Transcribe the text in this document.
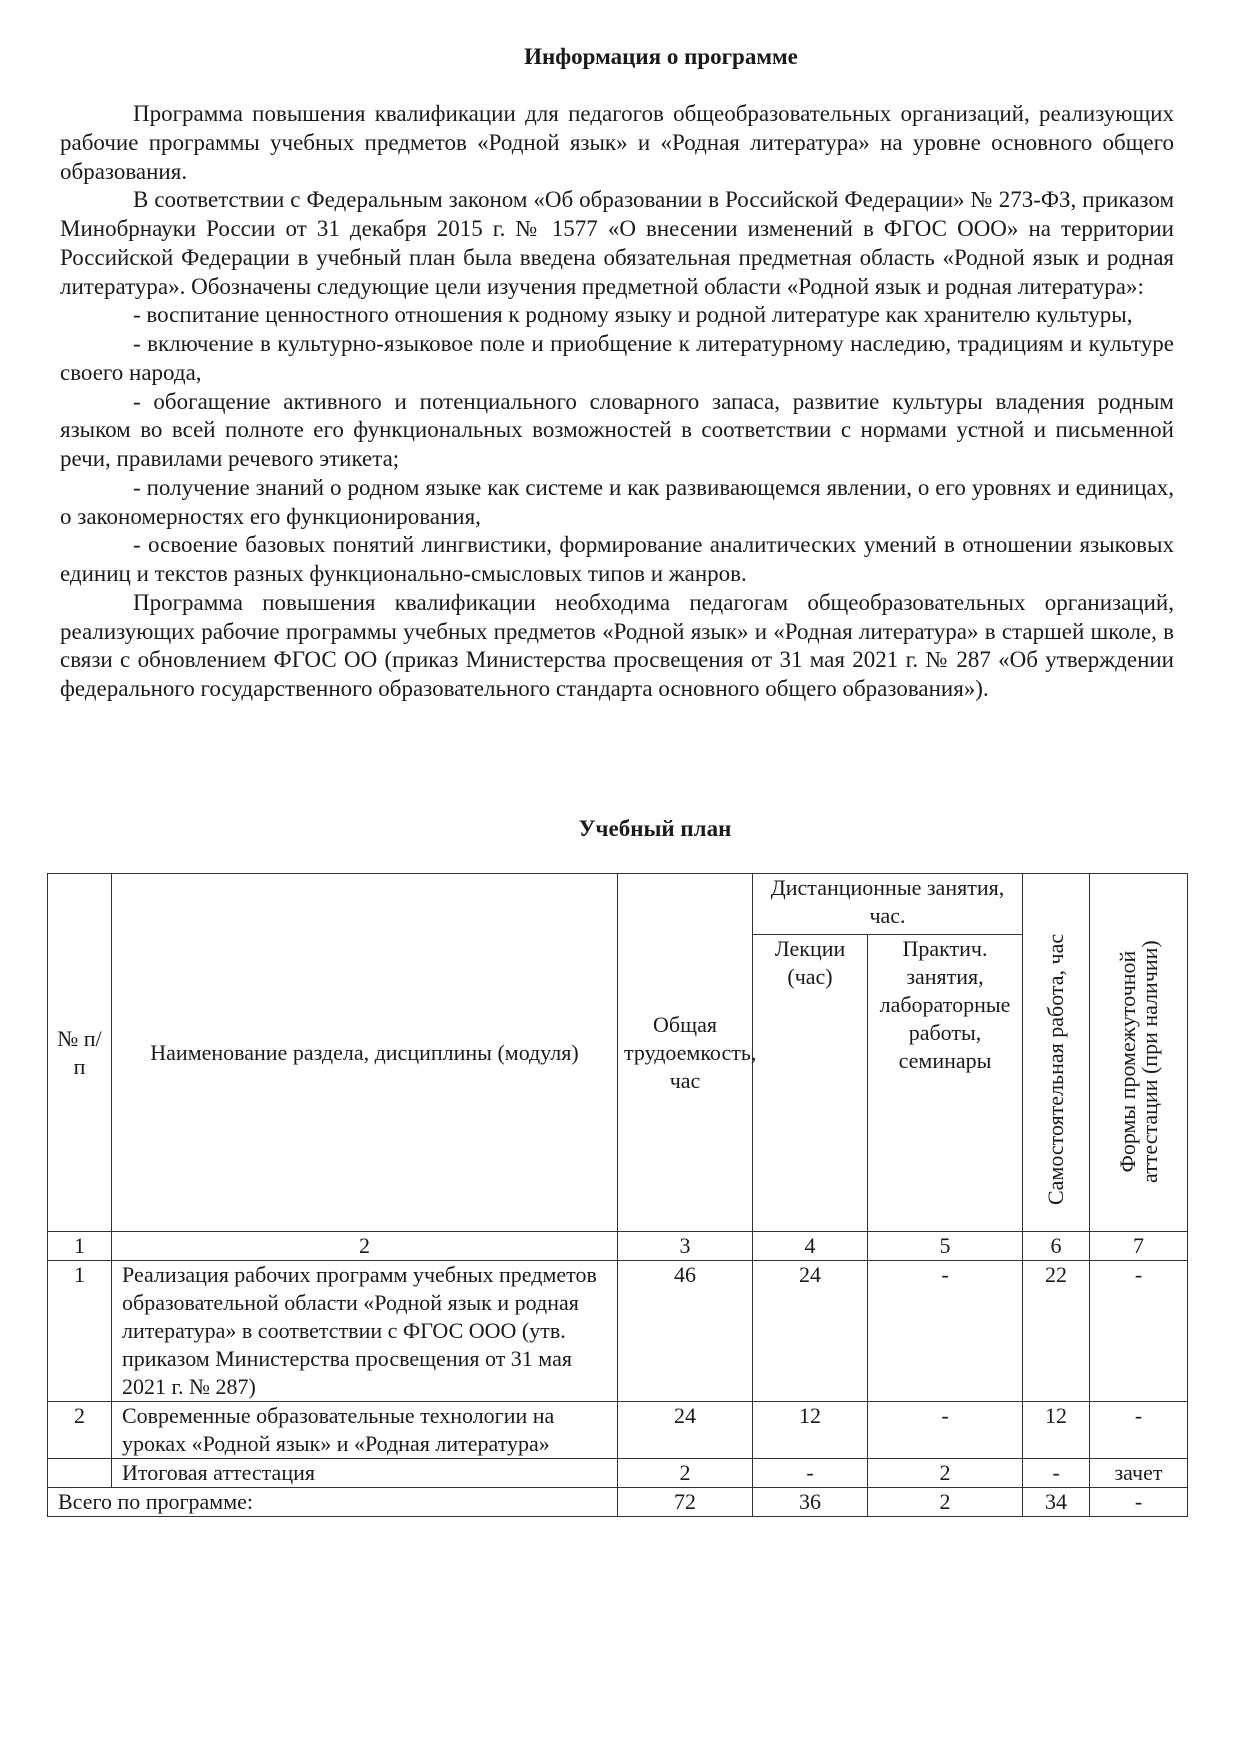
Информация о программе

Программа повышения квалификации для педагогов общеобразовательных организаций, реализующих рабочие программы учебных предметов «Родной язык» и «Родная литература» на уровне основного общего образования.

В соответствии с Федеральным законом «Об образовании в Российской Федерации» № 273-ФЗ, приказом Минобрнауки России от 31 декабря 2015 г. № 1577 «О внесении изменений в ФГОС ООО» на территории Российской Федерации в учебный план была введена обязательная предметная область «Родной язык и родная литература». Обозначены следующие цели изучения предметной области «Родной язык и родная литература»:

- воспитание ценностного отношения к родному языку и родной литературе как хранителю культуры,

- включение в культурно-языковое поле и приобщение к литературному наследию, традициям и культуре своего народа,

- обогащение активного и потенциального словарного запаса, развитие культуры владения родным языком во всей полноте его функциональных возможностей в соответствии с нормами устной и письменной речи, правилами речевого этикета;

- получение знаний о родном языке как системе и как развивающемся явлении, о его уровнях и единицах, о закономерностях его функционирования,

- освоение базовых понятий лингвистики, формирование аналитических умений в отношении языковых единиц и текстов разных функционально-смысловых типов и жанров.

Программа повышения квалификации необходима педагогам общеобразовательных организаций, реализующих рабочие программы учебных предметов «Родной язык» и «Родная литература» в старшей школе, в связи с обновлением ФГОС ОО (приказ Министерства просвещения от 31 мая 2021 г. № 287 «Об утверждении федерального государственного образовательного стандарта основного общего образования»).

Учебный план
№ п/п	Наименование раздела, дисциплины (модуля)	Общая трудоемкость, час	Дистанционные занятия, час.		Самостоятельная работа, час	Формы промежуточной
аттестации (при наличии)

			Лекции (час)	Практич. занятия, лабораторные работы, семинары		
1	2	3	4	5	6	7
1	Реализация рабочих программ учебных предметов образовательной области «Родной язык и родная литература» в соответствии с ФГОС ООО (утв. приказом Министерства просвещения от 31 мая 2021 г. № 287)	46	24	-	22	-
2	Современные образовательные технологии на уроках «Родной язык» и «Родная литература»	24	12	-	12	-
	Итоговая аттестация	2	-	2	-	зачет
Всего по программе:		72	36	2	34	-
